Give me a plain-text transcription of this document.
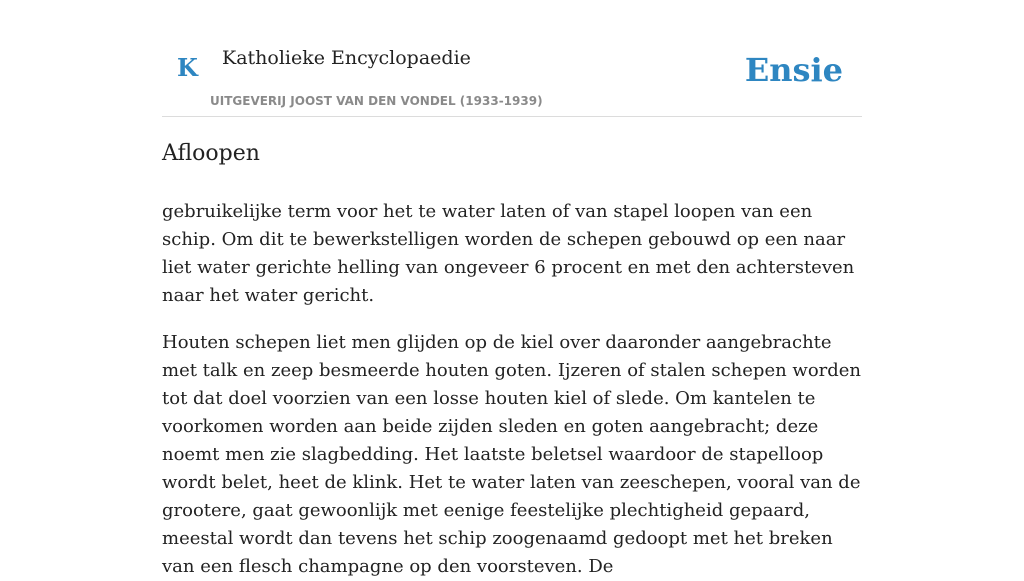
K Katholieke Encyclopaedie
UITGEVERIJ JOOST VAN DEN VONDEL (1933-1939)
Ensie
Afloopen

gebruikelijke term voor het te water laten of van stapel loopen van een schip. Om dit te bewerkstelligen worden de schepen gebouwd op een naar liet water gerichte helling van ongeveer 6 procent en met den achtersteven naar het water gericht.

Houten schepen liet men glijden op de kiel over daaronder aangebrachte met talk en zeep besmeerde houten goten. Ijzeren of stalen schepen worden tot dat doel voorzien van een losse houten kiel of slede. Om kantelen te voorkomen worden aan beide zijden sleden en goten aangebracht; deze noemt men zie slagbedding. Het laatste beletsel waardoor de stapelloop wordt belet, heet de klink. Het te water laten van zeeschepen, vooral van de grootere, gaat gewoonlijk met eenige feestelijke plechtigheid gepaard, meestal wordt dan tevens het schip zoogenaamd gedoopt met het breken van een flesch champagne op den voorsteven. De
